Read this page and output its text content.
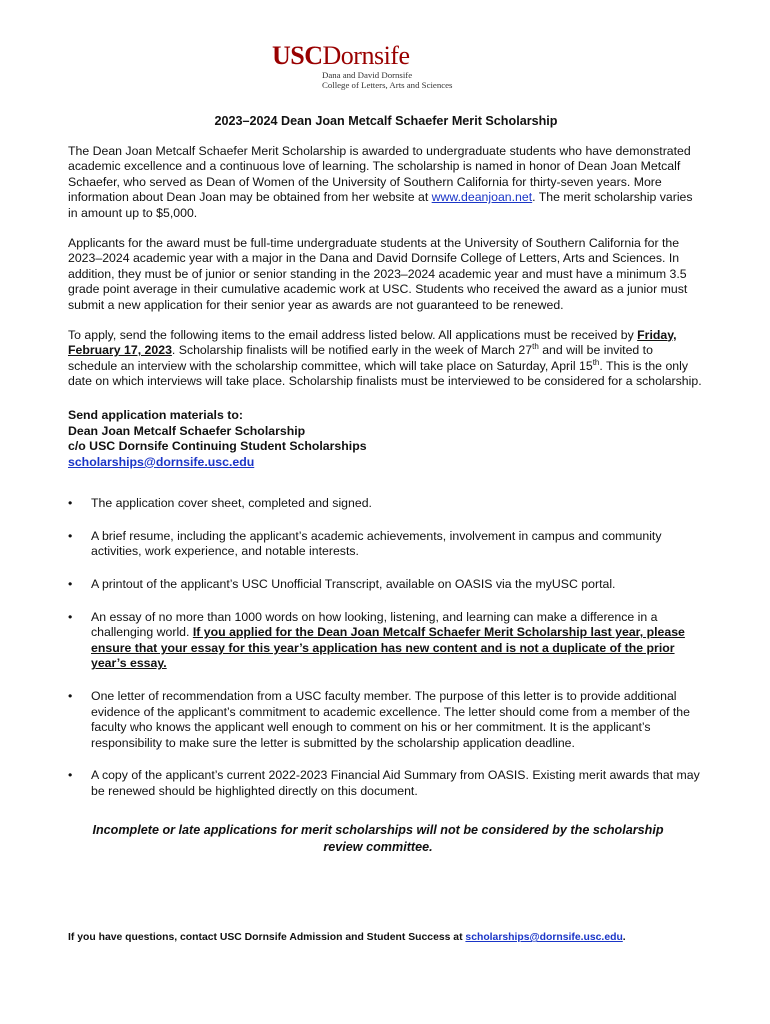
USCDornsife
Dana and David Dornsife
College of Letters, Arts and Sciences
2023–2024 Dean Joan Metcalf Schaefer Merit Scholarship

The Dean Joan Metcalf Schaefer Merit Scholarship is awarded to undergraduate students who have demonstrated academic excellence and a continuous love of learning. The scholarship is named in honor of Dean Joan Metcalf Schaefer, who served as Dean of Women of the University of Southern California for thirty-seven years. More information about Dean Joan may be obtained from her website at www.deanjoan.net. The merit scholarship varies in amount up to $5,000.

Applicants for the award must be full-time undergraduate students at the University of Southern California for the 2023–2024 academic year with a major in the Dana and David Dornsife College of Letters, Arts and Sciences. In addition, they must be of junior or senior standing in the 2023–2024 academic year and must have a minimum 3.5 grade point average in their cumulative academic work at USC. Students who received the award as a junior must submit a new application for their senior year as awards are not guaranteed to be renewed.

To apply, send the following items to the email address listed below. All applications must be received by Friday, February 17, 2023. Scholarship finalists will be notified early in the week of March 27th and will be invited to schedule an interview with the scholarship committee, which will take place on Saturday, April 15th. This is the only date on which interviews will take place. Scholarship finalists must be interviewed to be considered for a scholarship.

Send application materials to:
Dean Joan Metcalf Schaefer Scholarship
c/o USC Dornsife Continuing Student Scholarships
scholarships@dornsife.usc.edu
• The application cover sheet, completed and signed.
• A brief resume, including the applicant’s academic achievements, involvement in campus and community activities, work experience, and notable interests.
• A printout of the applicant’s USC Unofficial Transcript, available on OASIS via the myUSC portal.
• An essay of no more than 1000 words on how looking, listening, and learning can make a difference in a challenging world. If you applied for the Dean Joan Metcalf Schaefer Merit Scholarship last year, please ensure that your essay for this year’s application has new content and is not a duplicate of the prior year’s essay.
• One letter of recommendation from a USC faculty member. The purpose of this letter is to provide additional evidence of the applicant’s commitment to academic excellence. The letter should come from a member of the faculty who knows the applicant well enough to comment on his or her commitment. It is the applicant’s responsibility to make sure the letter is submitted by the scholarship application deadline.
• A copy of the applicant’s current 2022-2023 Financial Aid Summary from OASIS. Existing merit awards that may be renewed should be highlighted directly on this document.
Incomplete or late applications for merit scholarships will not be considered by the scholarship review committee.
If you have questions, contact USC Dornsife Admission and Student Success at scholarships@dornsife.usc.edu.
